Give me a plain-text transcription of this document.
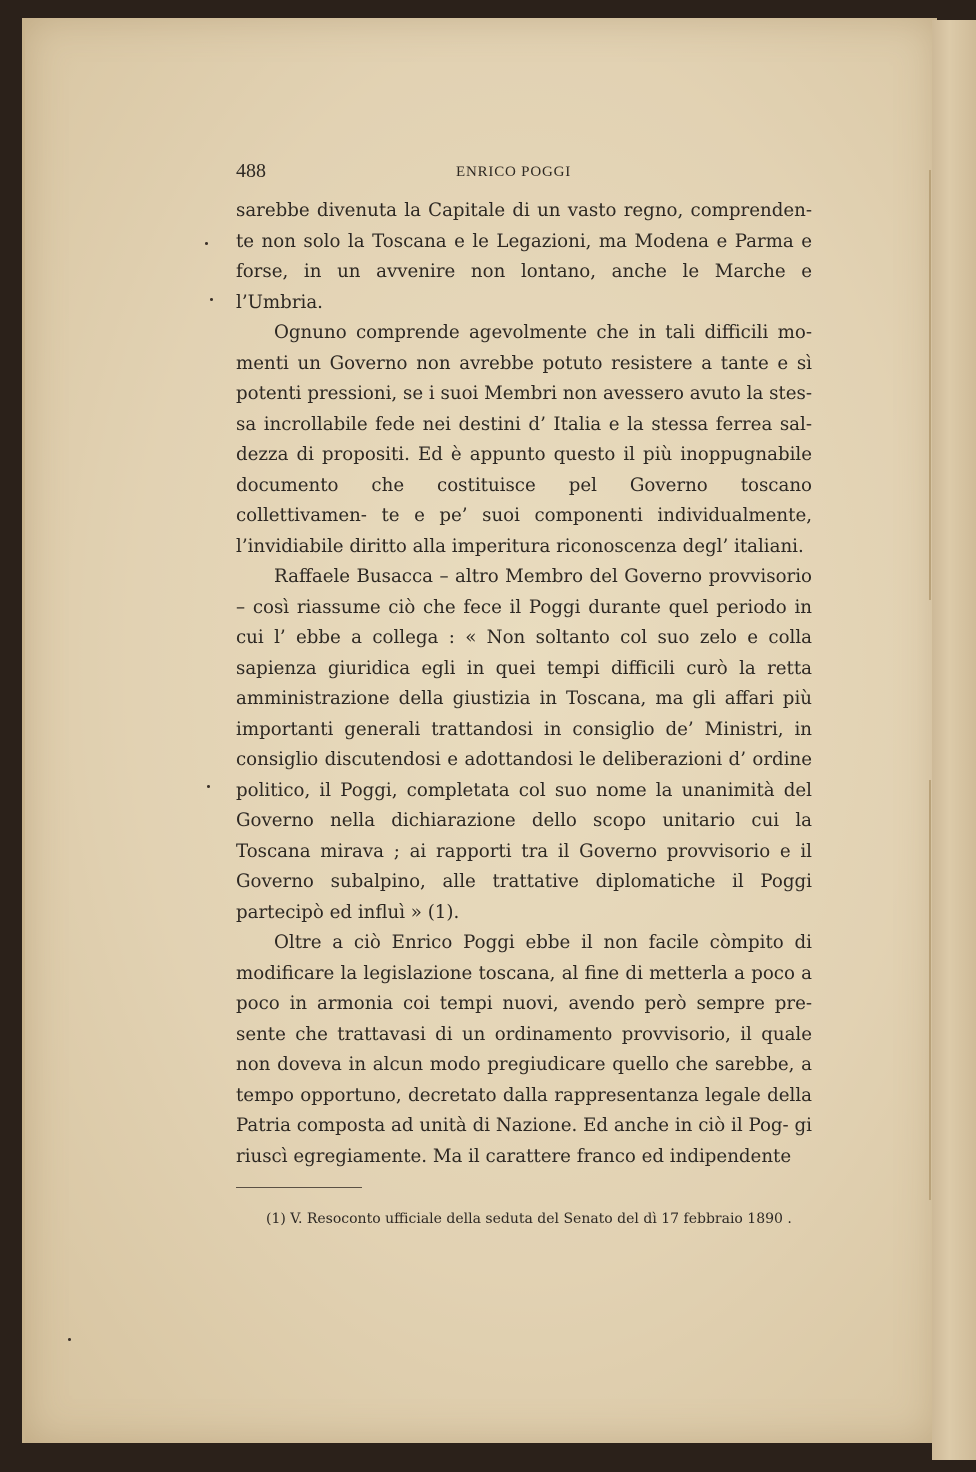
488	ENRICO POGGI

sarebbe divenuta la Capitale di un vasto regno, comprenden- te non solo la Toscana e le Legazioni, ma Modena e Parma e forse, in un avvenire non lontano, anche le Marche e l’Umbria.

Ognuno comprende agevolmente che in tali difficili mo- menti un Governo non avrebbe potuto resistere a tante e sì potenti pressioni, se i suoi Membri non avessero avuto la stes- sa incrollabile fede nei destini d’ Italia e la stessa ferrea sal- dezza di propositi. Ed è appunto questo il più inoppugnabile documento che costituisce pel Governo toscano collettivamen- te e pe’ suoi componenti individualmente, l’invidiabile diritto alla imperitura riconoscenza degl’ italiani.

Raffaele Busacca – altro Membro del Governo provvisorio – così riassume ciò che fece il Poggi durante quel periodo in cui l’ ebbe a collega : « Non soltanto col suo zelo e colla sapienza giuridica egli in quei tempi difficili curò la retta amministrazione della giustizia in Toscana, ma gli affari più importanti generali trattandosi in consiglio de’ Ministri, in consiglio discutendosi e adottandosi le deliberazioni d’ ordine politico, il Poggi, completata col suo nome la unanimità del Governo nella dichiarazione dello scopo unitario cui la Toscana mirava ; ai rapporti tra il Governo provvisorio e il Governo subalpino, alle trattative diplomatiche il Poggi partecipò ed influì » (1).

Oltre a ciò Enrico Poggi ebbe il non facile còmpito di modificare la legislazione toscana, al fine di metterla a poco a poco in armonia coi tempi nuovi, avendo però sempre pre- sente che trattavasi di un ordinamento provvisorio, il quale non doveva in alcun modo pregiudicare quello che sarebbe, a tempo opportuno, decretato dalla rappresentanza legale della Patria composta ad unità di Nazione. Ed anche in ciò il Pog- gi riuscì egregiamente. Ma il carattere franco ed indipendente

(1) V. Resoconto ufficiale della seduta del Senato del dì 17 febbraio 1890 .
